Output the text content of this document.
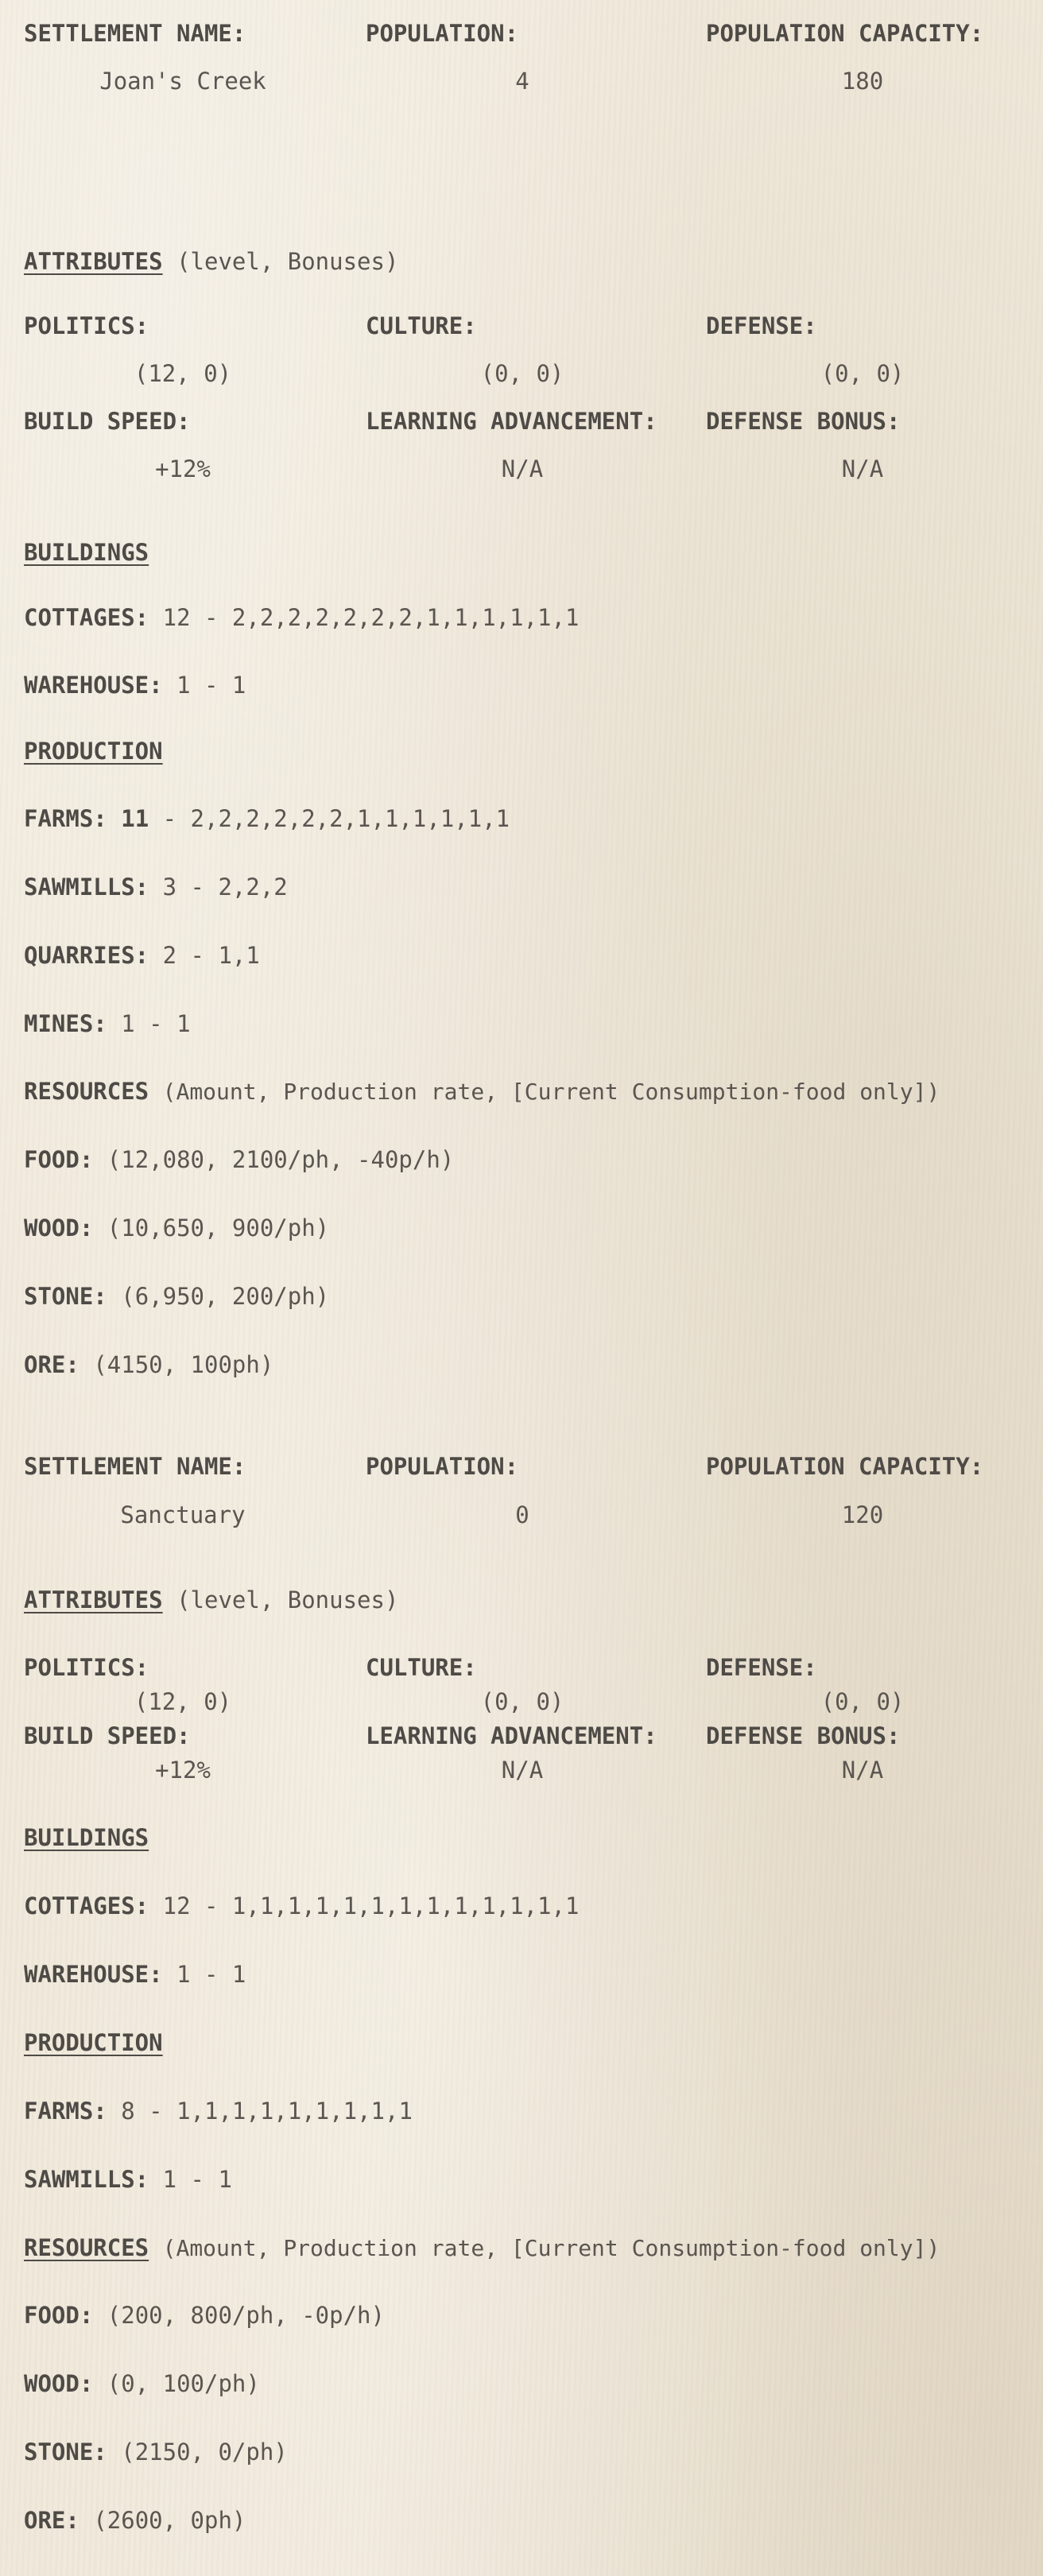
SETTLEMENT NAME:	POPULATION:	POPULATION CAPACITY:
Joan's Creek	4	180
ATTRIBUTES (level, Bonuses)
POLITICS:	CULTURE:	DEFENSE:
(12, 0)	(0, 0)	(0, 0)
BUILD SPEED:	LEARNING ADVANCEMENT: DEFENSE BONUS:
+12%	N/A	N/A
BUILDINGS
COTTAGES: 12 - 2,2,2,2,2,2,2,1,1,1,1,1,1
WAREHOUSE: 1 - 1
PRODUCTION
FARMS: 11 - 2,2,2,2,2,2,1,1,1,1,1,1
SAWMILLS: 3 - 2,2,2
QUARRIES: 2 - 1,1
MINES: 1 - 1
RESOURCES (Amount, Production rate, [Current Consumption-food only])
FOOD: (12,080, 2100/ph, -40p/h)
WOOD: (10,650, 900/ph)
STONE: (6,950, 200/ph)
ORE: (4150, 100ph)
SETTLEMENT NAME:	POPULATION:	POPULATION CAPACITY:
Sanctuary	0	120
ATTRIBUTES (level, Bonuses)
POLITICS:	CULTURE:	DEFENSE:
(12, 0)	(0, 0)	(0, 0)
BUILD SPEED:	LEARNING ADVANCEMENT: DEFENSE BONUS:
+12%	N/A	N/A
BUILDINGS
COTTAGES: 12 - 1,1,1,1,1,1,1,1,1,1,1,1,1
WAREHOUSE: 1 - 1
PRODUCTION
FARMS: 8 - 1,1,1,1,1,1,1,1,1
SAWMILLS: 1 - 1
RESOURCES (Amount, Production rate, [Current Consumption-food only])
FOOD: (200, 800/ph, -0p/h)
WOOD: (0, 100/ph)
STONE: (2150, 0/ph)
ORE: (2600, 0ph)
